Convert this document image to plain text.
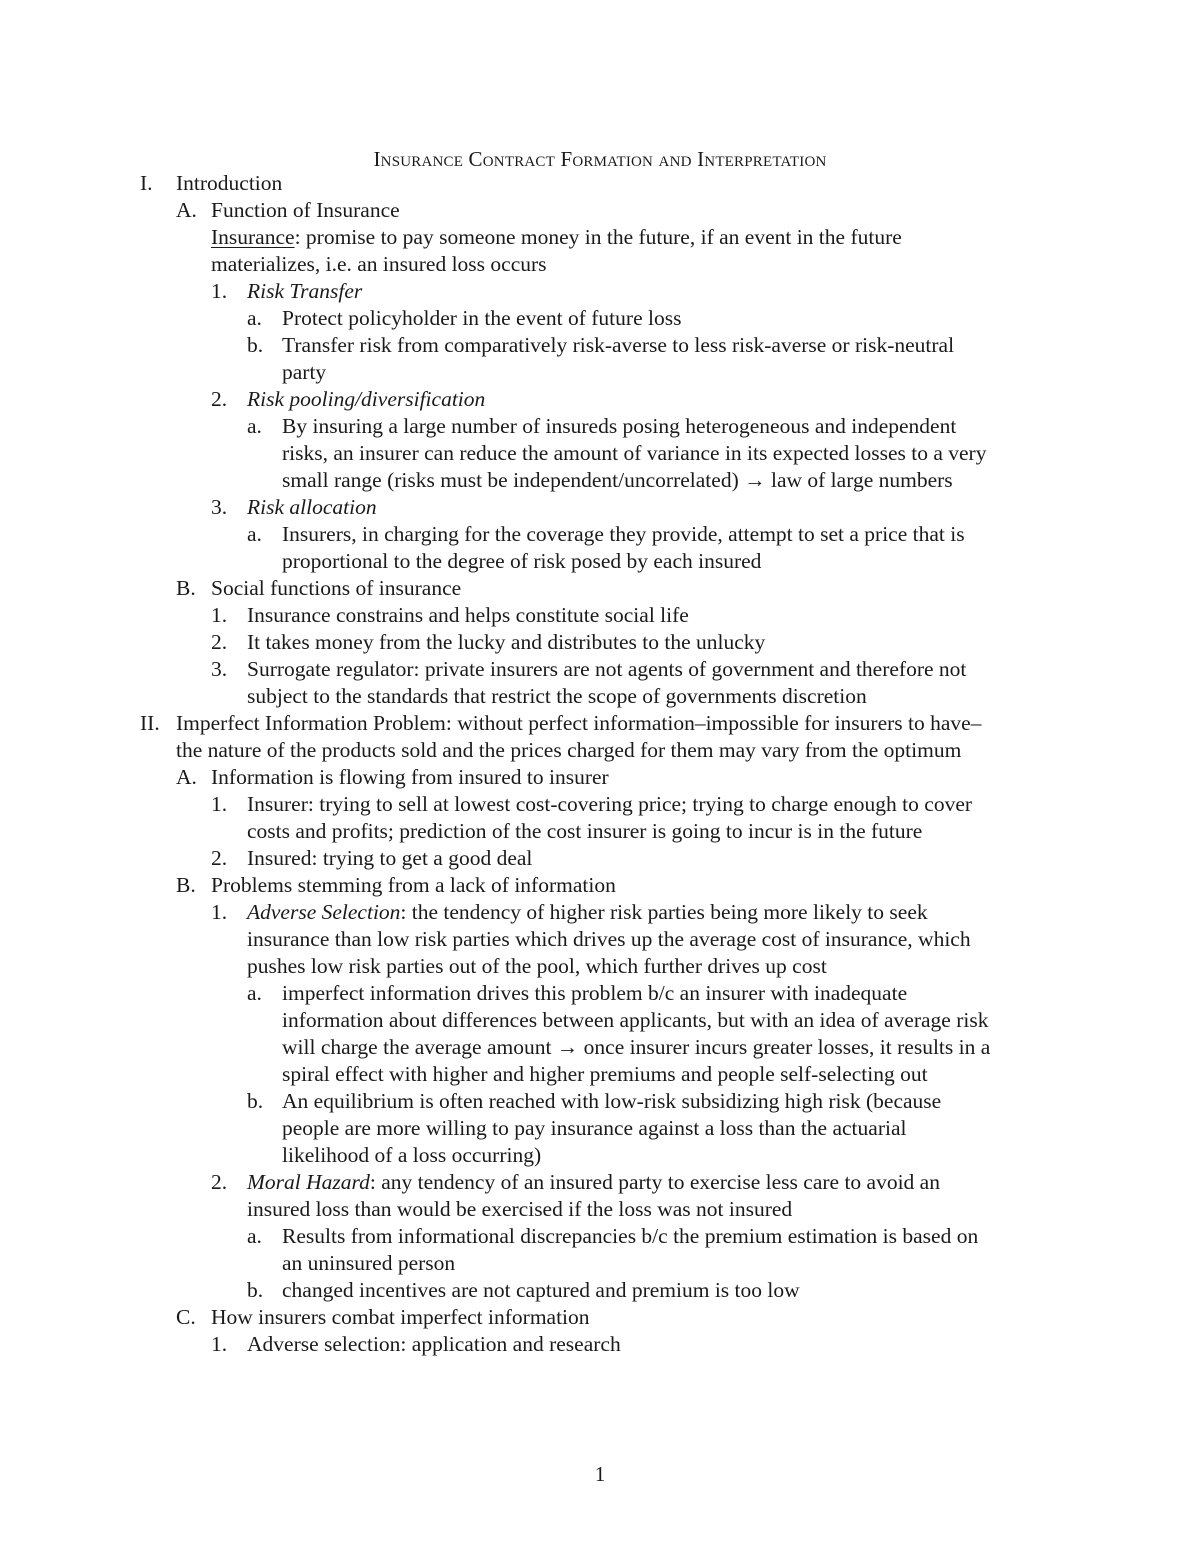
Insurance Contract Formation and Interpretation
I. Introduction
A. Function of Insurance
Insurance: promise to pay someone money in the future, if an event in the future
materializes, i.e. an insured loss occurs
1. Risk Transfer
a. Protect policyholder in the event of future loss
b. Transfer risk from comparatively risk-averse to less risk-averse or risk-neutral
party
2. Risk pooling/diversification
a. By insuring a large number of insureds posing heterogeneous and independent
risks, an insurer can reduce the amount of variance in its expected losses to a very
small range (risks must be independent/uncorrelated) → law of large numbers
3. Risk allocation
a. Insurers, in charging for the coverage they provide, attempt to set a price that is
proportional to the degree of risk posed by each insured
B. Social functions of insurance
1. Insurance constrains and helps constitute social life
2. It takes money from the lucky and distributes to the unlucky
3. Surrogate regulator: private insurers are not agents of government and therefore not
subject to the standards that restrict the scope of governments discretion
II. Imperfect Information Problem: without perfect information–impossible for insurers to have–
the nature of the products sold and the prices charged for them may vary from the optimum
A. Information is flowing from insured to insurer
1. Insurer: trying to sell at lowest cost-covering price; trying to charge enough to cover
costs and profits; prediction of the cost insurer is going to incur is in the future
2. Insured: trying to get a good deal
B. Problems stemming from a lack of information
1. Adverse Selection: the tendency of higher risk parties being more likely to seek
insurance than low risk parties which drives up the average cost of insurance, which
pushes low risk parties out of the pool, which further drives up cost
a. imperfect information drives this problem b/c an insurer with inadequate
information about differences between applicants, but with an idea of average risk
will charge the average amount → once insurer incurs greater losses, it results in a
spiral effect with higher and higher premiums and people self-selecting out
b. An equilibrium is often reached with low-risk subsidizing high risk (because
people are more willing to pay insurance against a loss than the actuarial
likelihood of a loss occurring)
2. Moral Hazard: any tendency of an insured party to exercise less care to avoid an
insured loss than would be exercised if the loss was not insured
a. Results from informational discrepancies b/c the premium estimation is based on
an uninsured person
b. changed incentives are not captured and premium is too low
C. How insurers combat imperfect information
1. Adverse selection: application and research
1
